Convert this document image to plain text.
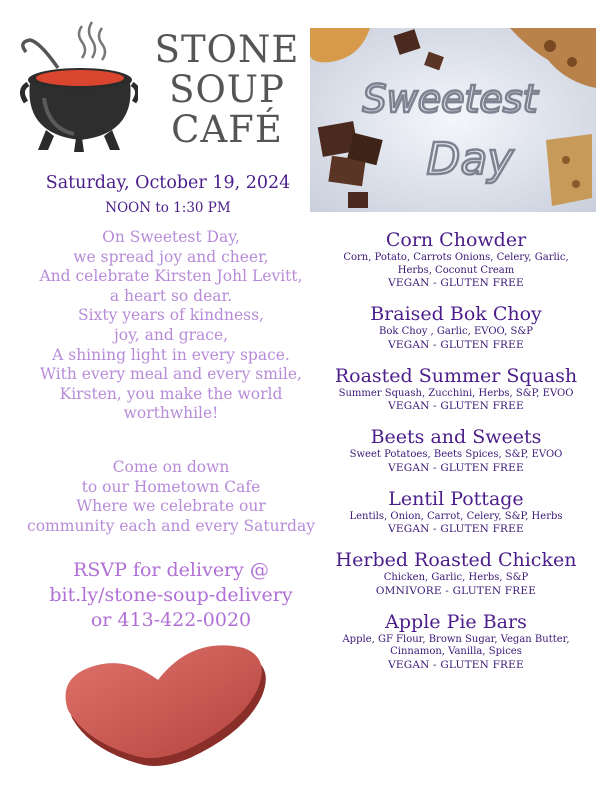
STONE
SOUP
CAFÉ
Sweetest
Day
Saturday, October 19, 2024
NOON to 1:30 PM
On Sweetest Day,
we spread joy and cheer,
And celebrate Kirsten Johl Levitt,
a heart so dear.
Sixty years of kindness,
joy, and grace,
A shining light in every space.
With every meal and every smile,
Kirsten, you make the world
worthwhile!
Come on down
to our Hometown Cafe
Where we celebrate our
community each and every Saturday
RSVP for delivery @
bit.ly/stone-soup-delivery
or 413-422-0020
Corn Chowder
Corn, Potato, Carrots Onions, Celery, Garlic,
Herbs, Coconut Cream
VEGAN - GLUTEN FREE
Braised Bok Choy
Bok Choy , Garlic, EVOO, S&P
VEGAN - GLUTEN FREE
Roasted Summer Squash
Summer Squash, Zucchini, Herbs, S&P, EVOO
VEGAN - GLUTEN FREE
Beets and Sweets
Sweet Potatoes, Beets Spices, S&P, EVOO
VEGAN - GLUTEN FREE
Lentil Pottage
Lentils, Onion, Carrot, Celery, S&P, Herbs
VEGAN - GLUTEN FREE
Herbed Roasted Chicken
Chicken, Garlic, Herbs, S&P
OMNIVORE - GLUTEN FREE
Apple Pie Bars
Apple, GF Flour, Brown Sugar, Vegan Butter,
Cinnamon, Vanilla, Spices
VEGAN - GLUTEN FREE
